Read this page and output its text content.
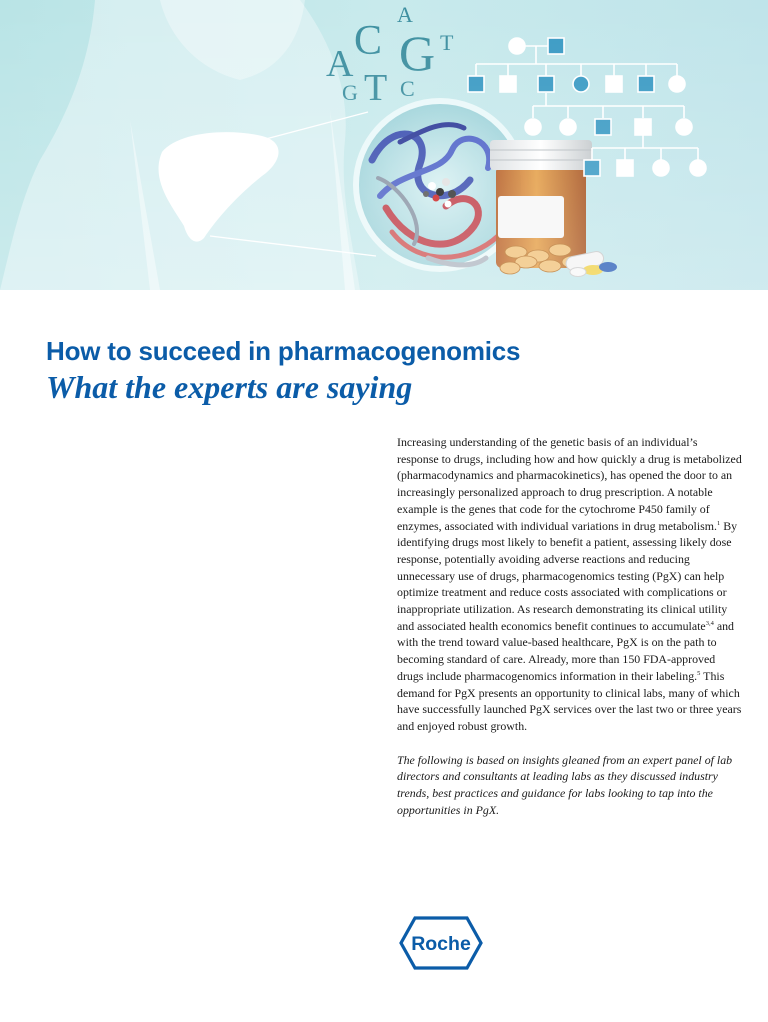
How to succeed in pharmacogenomics
What the experts are saying

Increasing understanding of the genetic basis of an individual’s response to drugs, including how and how quickly a drug is metabolized (pharmacodynamics and pharmacokinetics), has opened the door to an increasingly personalized approach to drug prescription. A notable example is the genes that code for the cytochrome P450 family of enzymes, associated with individual variations in drug metabolism.$^1$ By identifying drugs most likely to benefit a patient, assessing likely dose response, potentially avoiding adverse reactions and reducing unnecessary use of drugs, pharmacogenomics testing (PgX) can help optimize treatment and reduce costs associated with complications or inappropriate utilization. As research demonstrating its clinical utility and associated health economics benefit continues to accumulate$^{3,4}$ and with the trend toward value-based healthcare, PgX is on the path to becoming standard of care. Already, more than 150 FDA-approved drugs include pharmacogenomics information in their labeling.$^5$ This demand for PgX presents an opportunity to clinical labs, many of which have successfully launched PgX services over the last two or three years and enjoyed robust growth.

The following is based on insights gleaned from an expert panel of lab directors and consultants at leading labs as they discussed industry trends, best practices and guidance for labs looking to tap into the opportunities in PgX.

Roche
